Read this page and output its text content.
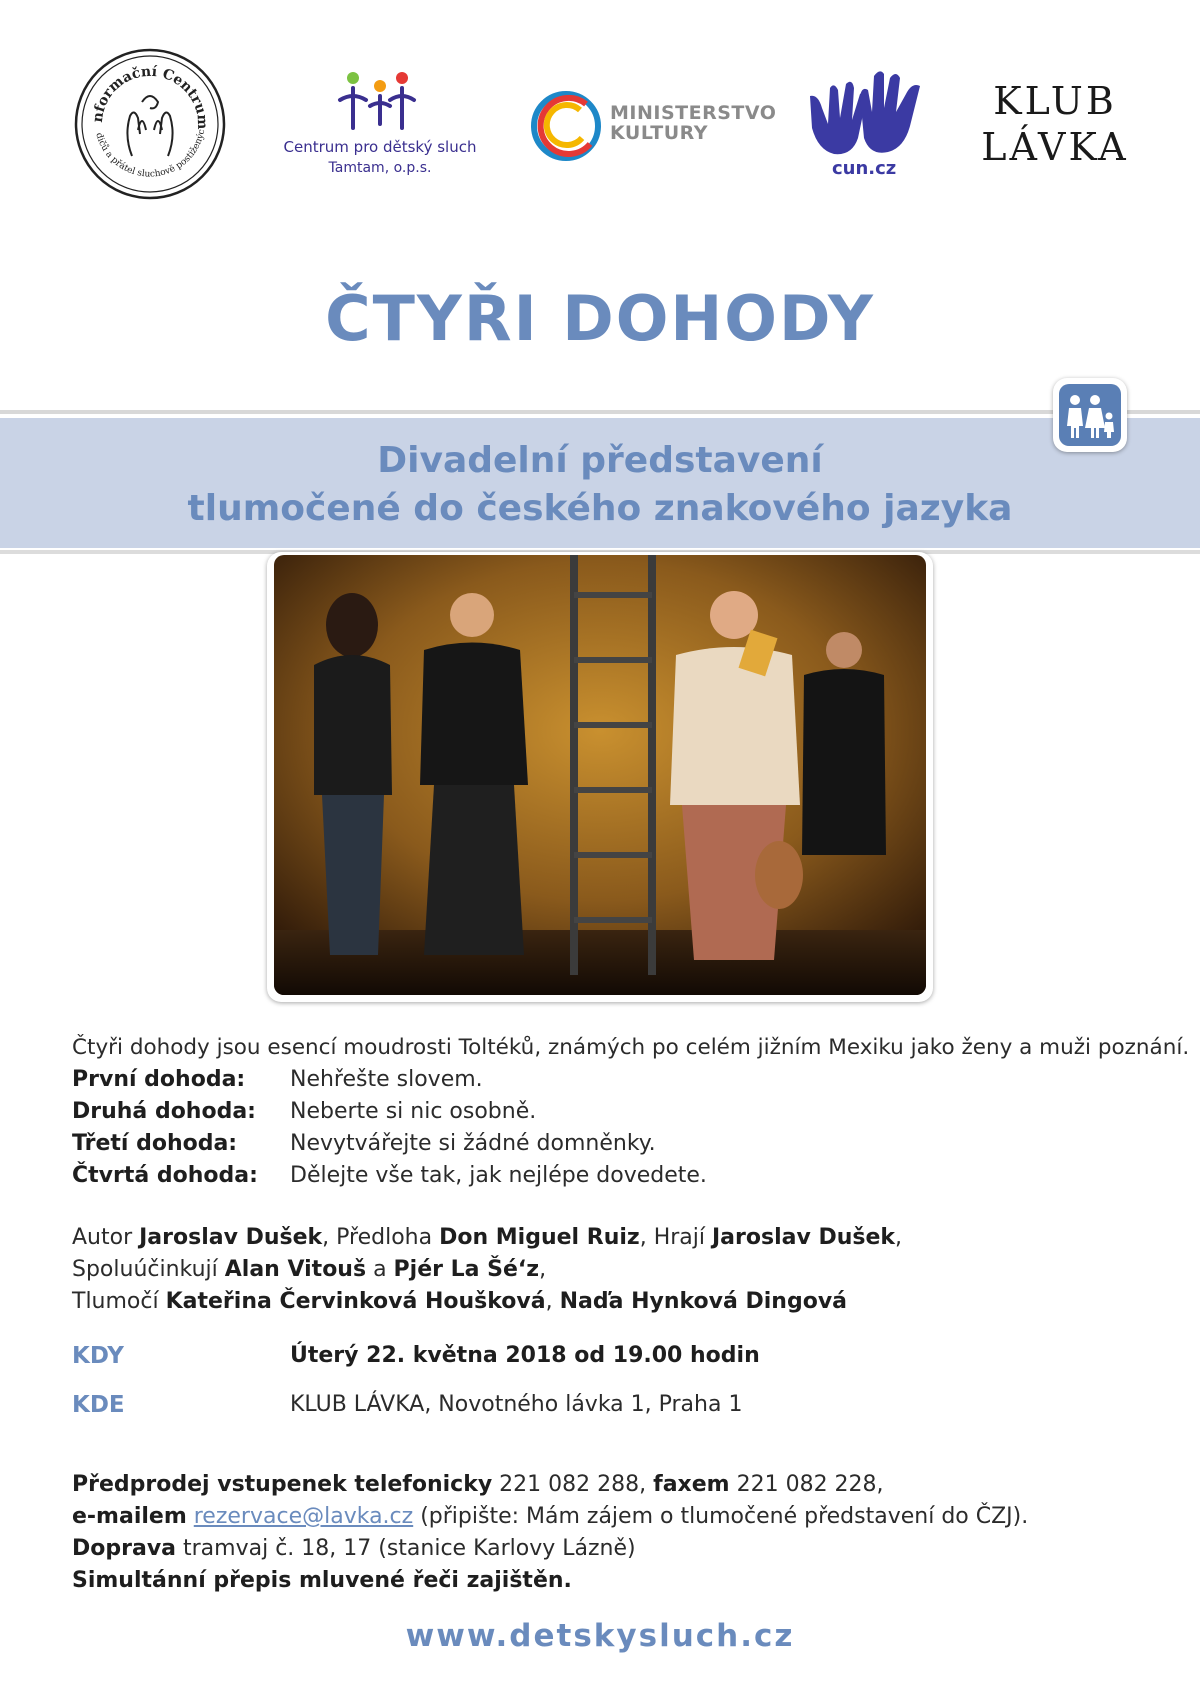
nformační Centrum
dičů a přátel sluchově postiženýc
Centrum pro dětský sluch
Tamtam, o.p.s.
MINISTERSTVO
KULTURY
cun.cz
KLUB
LÁVKA
ČTYŘI DOHODY
Divadelní představení
tlumočené do českého znakového jazyka
Čtyři dohody jsou esencí moudrosti Toltéků, známých po celém jižním Mexiku jako ženy a muži poznání.
První dohoda: Nehřešte slovem.
Druhá dohoda: Neberte si nic osobně.
Třetí dohoda: Nevytvářejte si žádné domněnky.
Čtvrtá dohoda: Dělejte vše tak, jak nejlépe dovedete.
Autor Jaroslav Dušek, Předloha Don Miguel Ruiz, Hrají Jaroslav Dušek,
Spoluúčinkují Alan Vitouš a Pjér La Šé‘z,
Tlumočí Kateřina Červinková Houšková, Naďa Hynková Dingová
KDY	Úterý 22. května 2018 od 19.00 hodin
KDE	KLUB LÁVKA, Novotného lávka 1, Praha 1
Předprodej vstupenek telefonicky 221 082 288, faxem 221 082 228,
e-mailem rezervace@lavka.cz (připište: Mám zájem o tlumočené představení do ČZJ).
Doprava tramvaj č. 18, 17 (stanice Karlovy Lázně)
Simultánní přepis mluvené řeči zajištěn.
www.detskysluch.cz
